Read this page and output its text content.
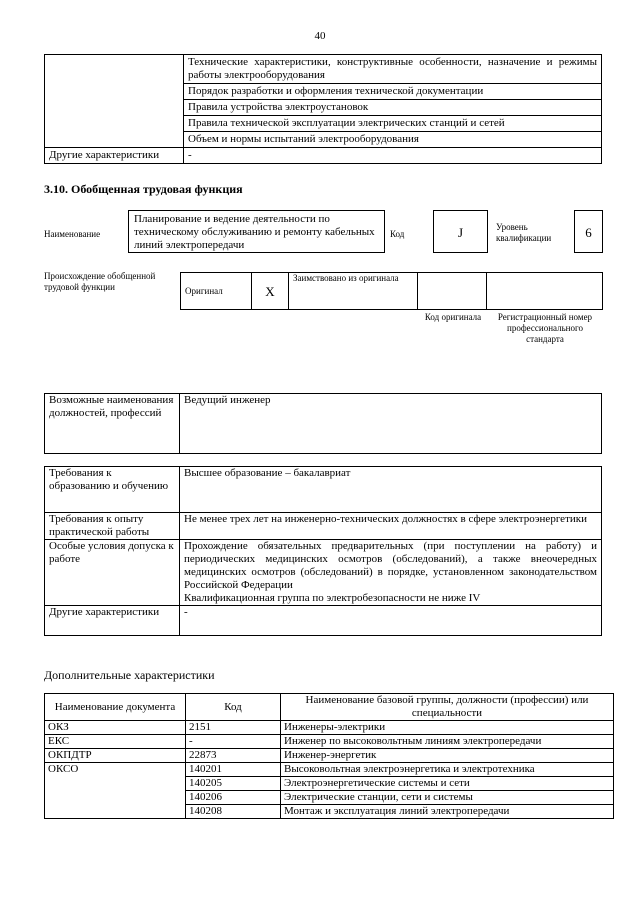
40
	Технические характеристики, конструктивные особенности, назначение и режимы работы электрооборудования
	Порядок разработки и оформления технической документации
	Правила устройства электроустановок
	Правила технической эксплуатации электрических станций и сетей
	Объем и нормы испытаний электрооборудования
Другие характеристики	-
3.10. Обобщенная трудовая функция
Наименование
Планирование и ведение деятельности по техническому обслуживанию и ремонту кабельных линий электропередачи
Код	J	Уровень квалификации	6
Происхождение обобщенной трудовой функции	Оригинал	X	Заимствовано из оригинала		
Код оригинала	Регистрационный номер профессионального стандарта
Возможные наименования должностей, профессий	Ведущий инженер
Требования к образованию и обучению	Высшее образование – бакалавриат
Требования к опыту практической работы	Не менее трех лет на инженерно-технических должностях в сфере электроэнергетики
Особые условия допуска к работе	Прохождение обязательных предварительных (при поступлении на работу) и периодических медицинских осмотров (обследований), а также внеочередных медицинских осмотров (обследований) в порядке, установленном законодательством Российской Федерации
Квалификационная группа по электробезопасности не ниже IV

Другие характеристики	-
Дополнительные характеристики
Наименование документа	Код	Наименование базовой группы, должности (профессии) или специальности
ОКЗ	2151	Инженеры-электрики
ЕКС	-	Инженер по высоковольтным линиям электропередачи
ОКПДТР	22873	Инженер-энергетик
ОКСО	140201	Высоковольтная электроэнергетика и электротехника
	140205	Электроэнергетические системы и сети
	140206	Электрические станции, сети и системы
	140208	Монтаж и эксплуатация линий электропередачи
